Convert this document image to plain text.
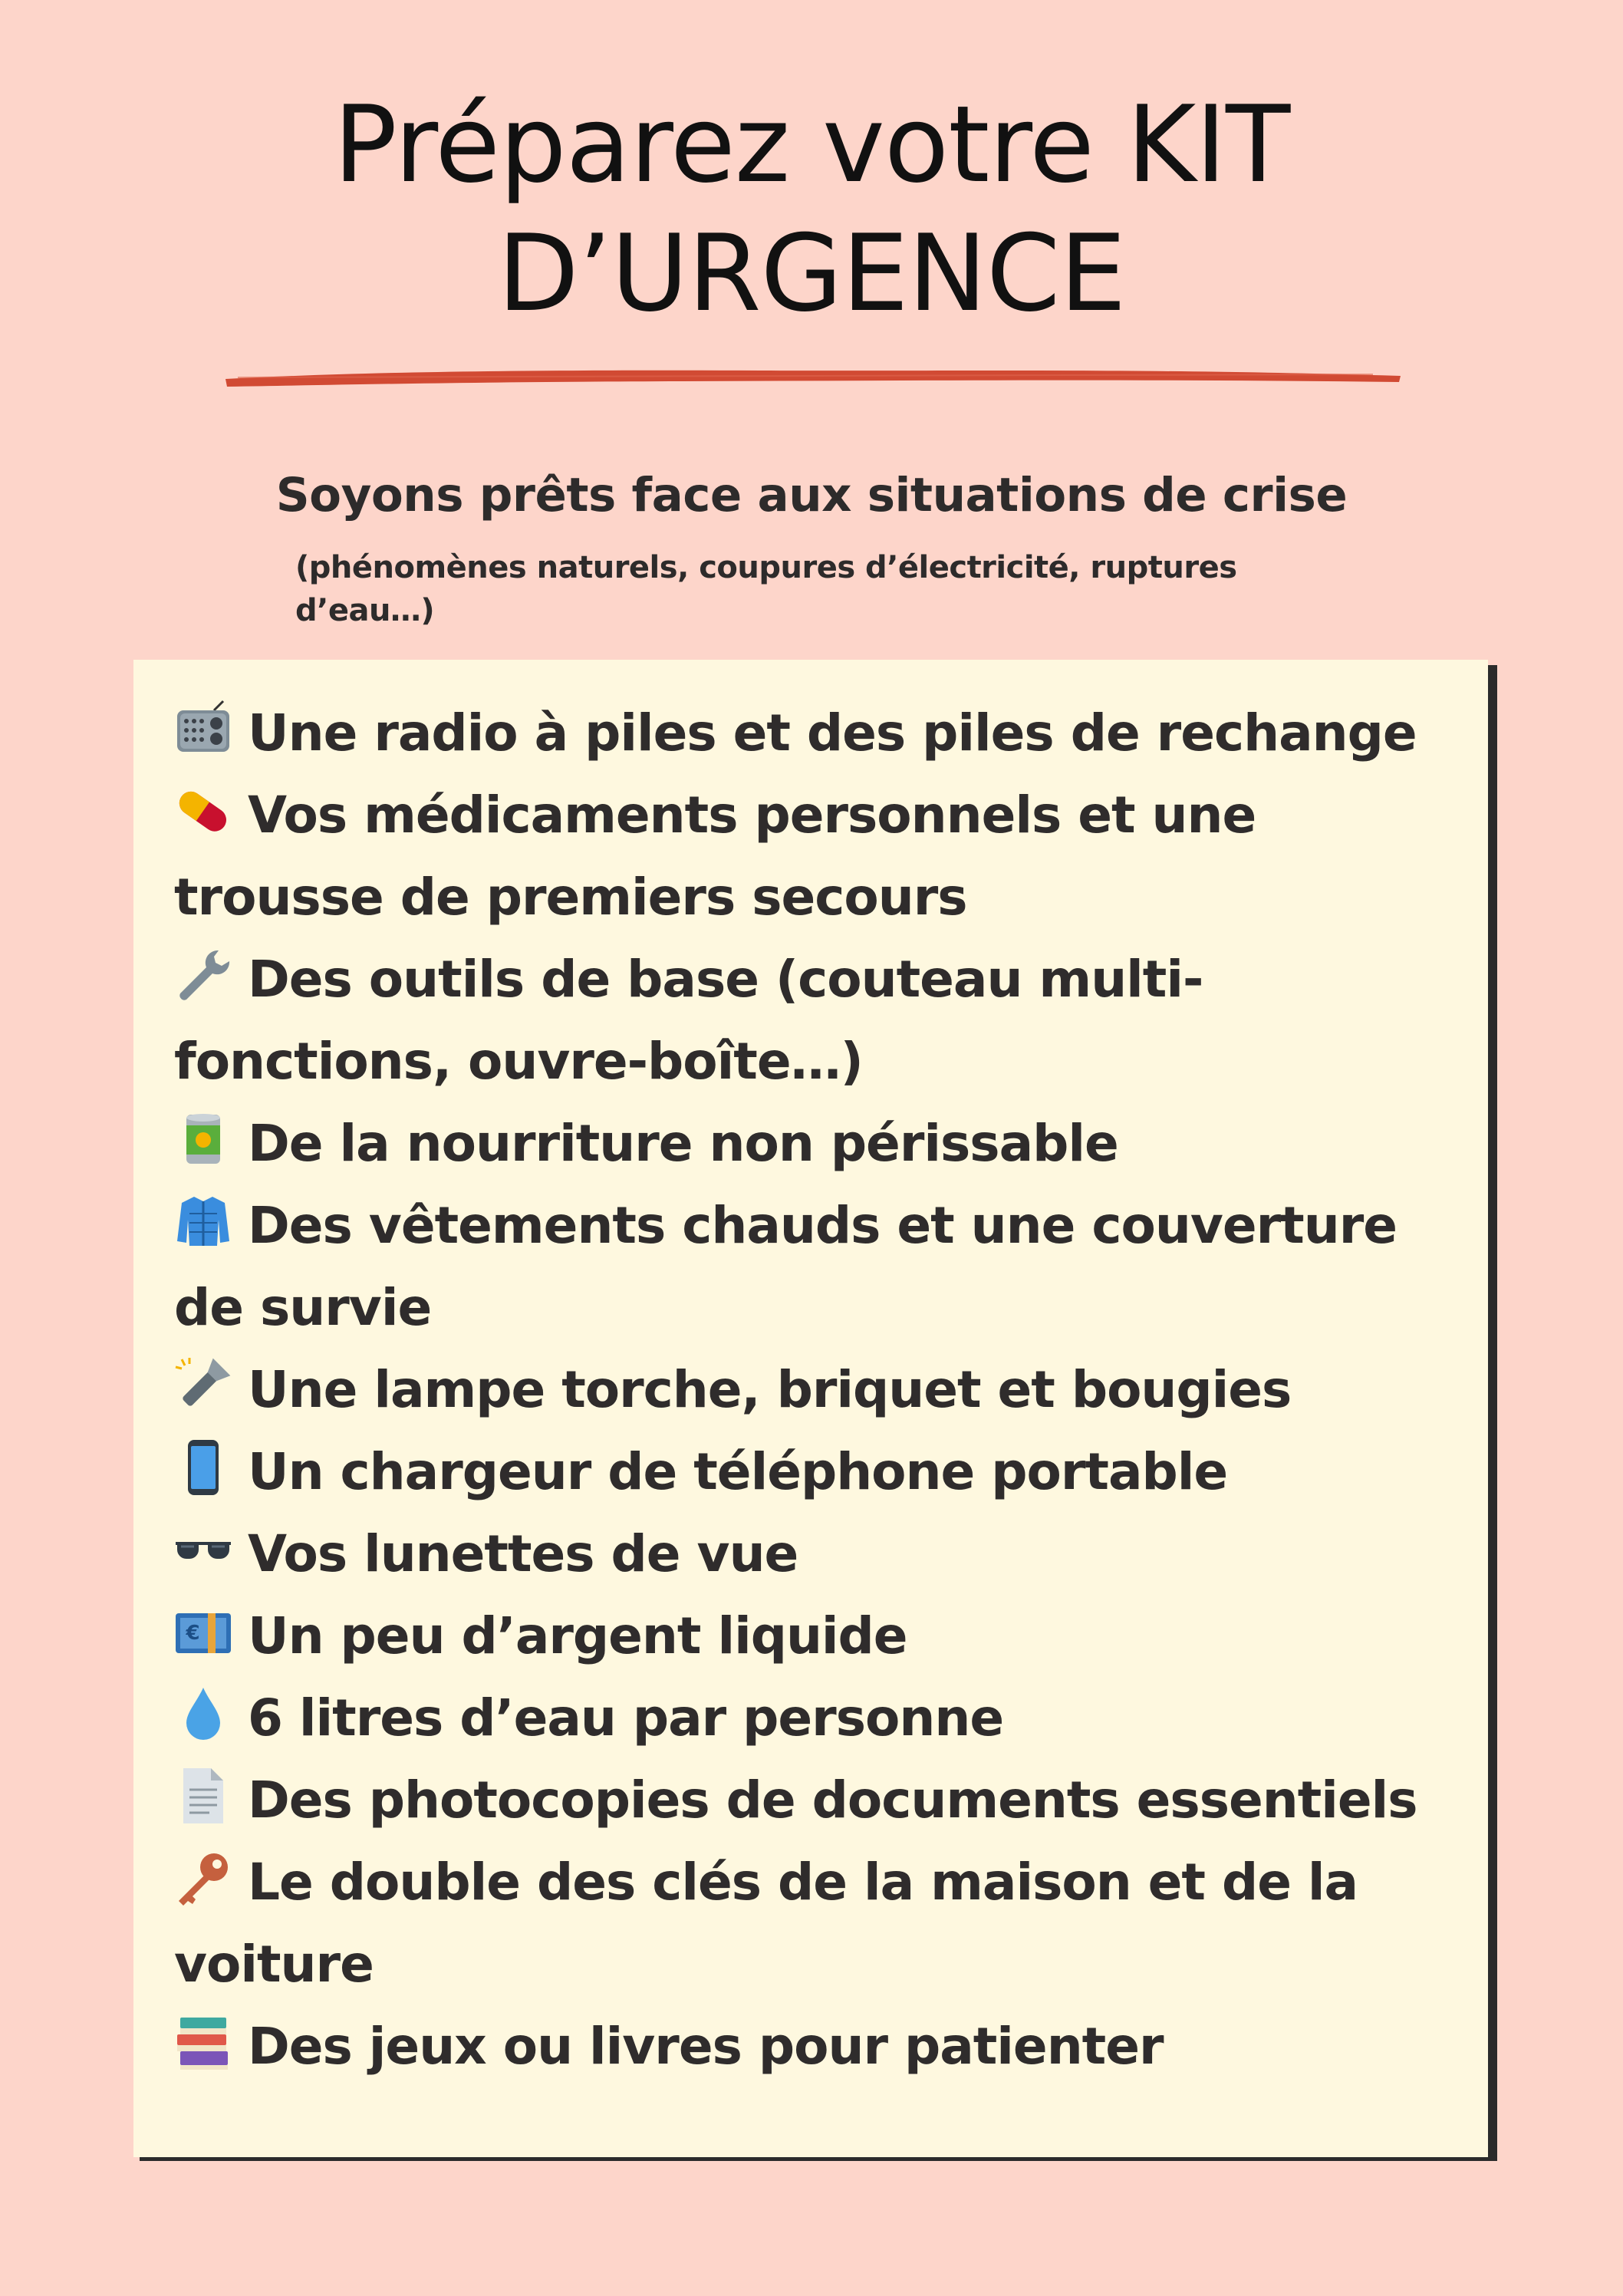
Préparez votre KIT
D’URGENCE
Soyons prêts face aux situations de crise
(phénomènes naturels, coupures d’électricité, ruptures d’eau…)
Une radio à piles et des piles de rechange
Vos médicaments personnels et une trousse de premiers secours
Des outils de base (couteau multi-fonctions, ouvre-boîte…)
De la nourriture non périssable
Des vêtements chauds et une couverture de survie
Une lampe torche, briquet et bougies
Un chargeur de téléphone portable
Vos lunettes de vue
€ Un peu d’argent liquide
6 litres d’eau par personne
Des photocopies de documents essentiels
Le double des clés de la maison et de la voiture
Des jeux ou livres pour patienter
